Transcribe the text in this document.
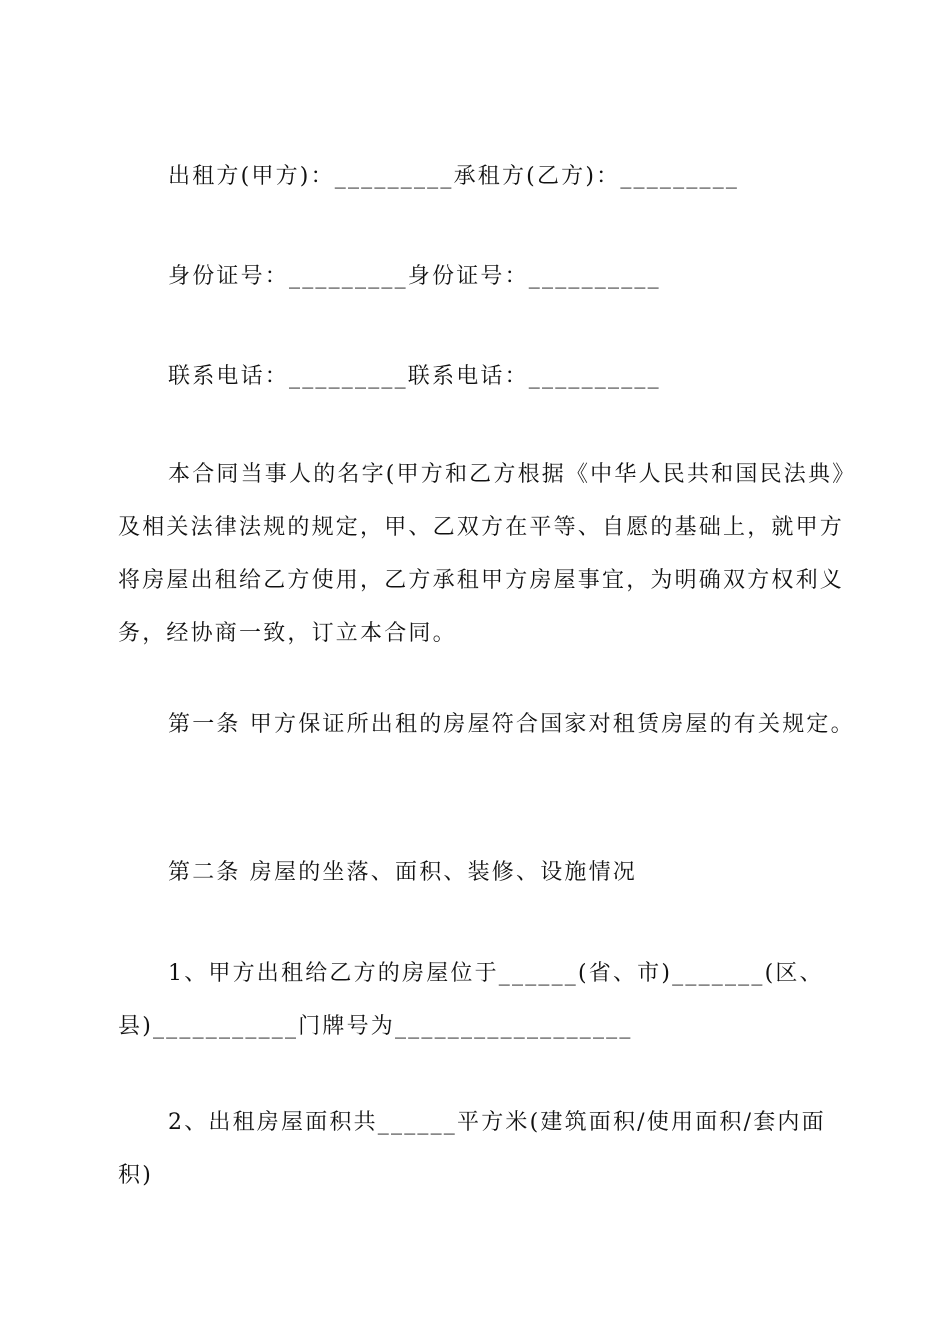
出租方(甲方)：_________承租方(乙方)：_________
身份证号：_________身份证号：__________
联系电话：_________联系电话：__________
本合同当事人的名字(甲方和乙方根据《中华人民共和国民法典》及相关法律法规的规定，甲、乙双方在平等、自愿的基础上，就甲方将房屋出租给乙方使用，乙方承租甲方房屋事宜，为明确双方权利义务，经协商一致，订立本合同。
第一条 甲方保证所出租的房屋符合国家对租赁房屋的有关规定。
第二条 房屋的坐落、面积、装修、设施情况
1、甲方出租给乙方的房屋位于______(省、市)_______(区、县)___________门牌号为__________________
2、出租房屋面积共______平方米(建筑面积/使用面积/套内面积)
